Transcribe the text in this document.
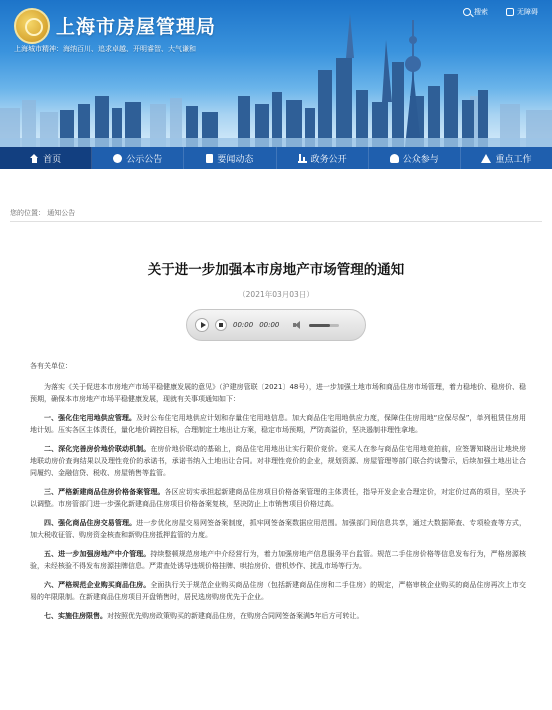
上海市房屋管理局
上海城市精神：海纳百川、追求卓越、开明睿智、大气谦和
搜索	无障碍
首页	公示公告	要闻动态	政务公开	公众参与	重点工作
您的位置： 通知公告
关于进一步加强本市房地产市场管理的通知
（2021年03月03日）
00:00 00:00

各有关单位：

为落实《关于促进本市房地产市场平稳健康发展的意见》（沪建房管联〔2021〕48号），进一步加强土地市场和商品住房市场管理，着力稳地价、稳房价、稳预期，确保本市房地产市场平稳健康发展，现就有关事项通知如下：

一、强化住宅用地供应管理。及时公布住宅用地供应计划和存量住宅用地信息。加大商品住宅用地供应力度，保障住住房用地“应保尽保”，单列租赁住房用地计划。压实各区主体责任，量化地价调控目标，合理制定土地出让方案，稳定市场预期，严防高溢价，坚决遏制非理性拿地。

二、深化完善房价地价联动机制。在房价地价联动的基础上，商品住宅用地出让实行限价竞价。竞买人在参与商品住宅用地竞拍前，应签署知晓出让地块房地联动房价查询结果以及理性竞价的承诺书，承诺书纳入土地出让合同。对非理性竞价的企业，规划资源、房屋管理等部门联合约谈警示，后续加强土地出让合同履约、金融信贷、税收、房屋销售等监管。

三、严格新建商品住房价格备案管理。各区应切实承担起新建商品住房项目价格备案管理的主体责任，指导开发企业合理定价，对定价过高的项目，坚决予以调整。市房管部门进一步强化新建商品住房项目价格备案复核，坚决防止上市销售项目价格过高。

四、强化商品住房交易管理。进一步优化房屋交易网签备案制度，抓牢网签备案数据应用范围。加强部门间信息共享，通过大数据筛查、专项检查等方式，加大税收征管、购房资金核查和新购住房抵押监管的力度。

五、进一步加强房地产中介管理。持续整顿规范房地产中介经营行为，着力加强房地产信息服务平台监管。规范二手住房价格等信息发布行为，严格房源核验，未经核验不得发布房源挂牌信息。严肃查处诱导违规价格挂牌、哄抬房价、借机炒作、扰乱市场等行为。

六、严格规范企业购买商品住房。全面执行关于规范企业购买商品住房（包括新建商品住房和二手住房）的规定，严格审核企业购买的商品住房再次上市交易的年限限制。在新建商品住房项目开盘销售时，居民选房购房优先于企业。

七、实施住房限售。对按照优先购房政策购买的新建商品住房，在购房合同网签备案满5年后方可转让。
